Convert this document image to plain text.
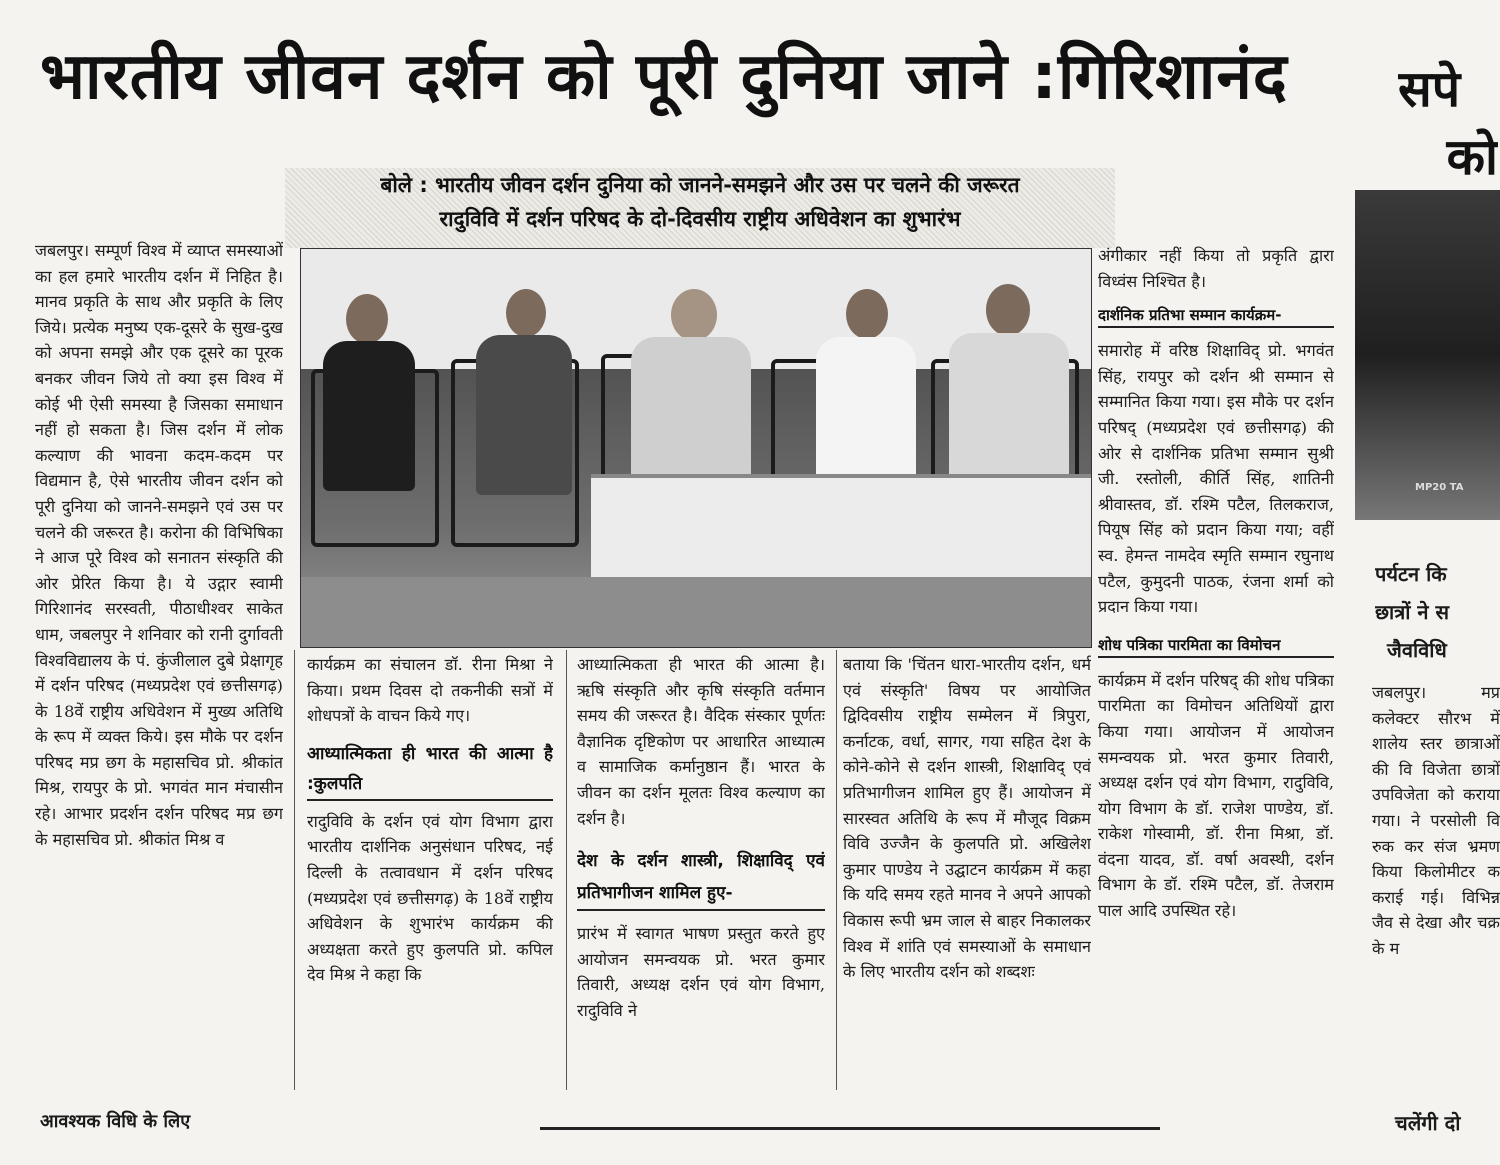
भारतीय जीवन दर्शन को पूरी दुनिया जाने :गिरिशानंद	सपे
को
बोले : भारतीय जीवन दर्शन दुनिया को जानने-समझने और उस पर चलने की जरूरत
रादुविवि में दर्शन परिषद के दो-दिवसीय राष्ट्रीय अधिवेशन का शुभारंभ
जबलपुर। सम्पूर्ण विश्व में व्याप्त समस्याओं का हल हमारे भारतीय दर्शन में निहित है। मानव प्रकृति के साथ और प्रकृति के लिए जिये। प्रत्येक मनुष्य एक-दूसरे के सुख-दुख को अपना समझे और एक दूसरे का पूरक बनकर जीवन जिये तो क्या इस विश्व में कोई भी ऐसी समस्या है जिसका समाधान नहीं हो सकता है। जिस दर्शन में लोक कल्याण की भावना कदम-कदम पर विद्यमान है, ऐसे भारतीय जीवन दर्शन को पूरी दुनिया को जानने-समझने एवं उस पर चलने की जरूरत है। करोना की विभिषिका ने आज पूरे विश्व को सनातन संस्कृति की ओर प्रेरित किया है। ये उद्गार स्वामी गिरिशानंद सरस्वती, पीठाधीश्वर साकेत धाम, जबलपुर ने शनिवार को रानी दुर्गावती विश्वविद्यालय के पं. कुंजीलाल दुबे प्रेक्षागृह में दर्शन परिषद (मध्यप्रदेश एवं छत्तीसगढ़) के 18वें राष्ट्रीय अधिवेशन में मुख्य अतिथि के रूप में व्यक्त किये। इस मौके पर दर्शन परिषद मप्र छग के महासचिव प्रो. श्रीकांत मिश्र, रायपुर के प्रो. भगवंत मान मंचासीन रहे। आभार प्रदर्शन दर्शन परिषद मप्र छग के महासचिव प्रो. श्रीकांत मिश्र व
कार्यक्रम का संचालन डॉ. रीना मिश्रा ने किया। प्रथम दिवस दो तकनीकी सत्रों में शोधपत्रों के वाचन किये गए।
आध्यात्मिकता ही भारत की आत्मा है :कुलपति
रादुविवि के दर्शन एवं योग विभाग द्वारा भारतीय दार्शनिक अनुसंधान परिषद, नई दिल्ली के तत्वावधान में दर्शन परिषद (मध्यप्रदेश एवं छत्तीसगढ़) के 18वें राष्ट्रीय अधिवेशन के शुभारंभ कार्यक्रम की अध्यक्षता करते हुए कुलपति प्रो. कपिल देव मिश्र ने कहा कि
आध्यात्मिकता ही भारत की आत्मा है। ऋषि संस्कृति और कृषि संस्कृति वर्तमान समय की जरूरत है। वैदिक संस्कार पूर्णतः वैज्ञानिक दृष्टिकोण पर आधारित आध्यात्म व सामाजिक कर्मानुष्ठान हैं। भारत के जीवन का दर्शन मूलतः विश्व कल्याण का दर्शन है।
देश के दर्शन शास्त्री, शिक्षाविद् एवं प्रतिभागीजन शामिल हुए-
प्रारंभ में स्वागत भाषण प्रस्तुत करते हुए आयोजन समन्वयक प्रो. भरत कुमार तिवारी, अध्यक्ष दर्शन एवं योग विभाग, रादुविवि ने
बताया कि 'चिंतन धारा-भारतीय दर्शन, धर्म एवं संस्कृति' विषय पर आयोजित द्विदिवसीय राष्ट्रीय सम्मेलन में त्रिपुरा, कर्नाटक, वर्धा, सागर, गया सहित देश के कोने-कोने से दर्शन शास्त्री, शिक्षाविद् एवं प्रतिभागीजन शामिल हुए हैं। आयोजन में सारस्वत अतिथि के रूप में मौजूद विक्रम विवि उज्जैन के कुलपति प्रो. अखिलेश कुमार पाण्डेय ने उद्घाटन कार्यक्रम में कहा कि यदि समय रहते मानव ने अपने आपको विकास रूपी भ्रम जाल से बाहर निकालकर विश्व में शांति एवं समस्याओं के समाधान के लिए भारतीय दर्शन को शब्दशः
अंगीकार नहीं किया तो प्रकृति द्वारा विध्वंस निश्चित है।
दार्शनिक प्रतिभा सम्मान कार्यक्रम-
समारोह में वरिष्ठ शिक्षाविद् प्रो. भगवंत सिंह, रायपुर को दर्शन श्री सम्मान से सम्मानित किया गया। इस मौके पर दर्शन परिषद् (मध्यप्रदेश एवं छत्तीसगढ़) की ओर से दार्शनिक प्रतिभा सम्मान सुश्री जी. रस्तोली, कीर्ति सिंह, शातिनी श्रीवास्तव, डॉ. रश्मि पटैल, तिलकराज, पियूष सिंह को प्रदान किया गया; वहीं स्व. हेमन्त नामदेव स्मृति सम्मान रघुनाथ पटैल, कुमुदनी पाठक, रंजना शर्मा को प्रदान किया गया।
शोध पत्रिका पारमिता का विमोचन
कार्यक्रम में दर्शन परिषद् की शोध पत्रिका पारमिता का विमोचन अतिथियों द्वारा किया गया। आयोजन में आयोजन समन्वयक प्रो. भरत कुमार तिवारी, अध्यक्ष दर्शन एवं योग विभाग, रादुविवि, योग विभाग के डॉ. राजेश पाण्डेय, डॉ. राकेश गोस्वामी, डॉ. रीना मिश्रा, डॉ. वंदना यादव, डॉ. वर्षा अवस्थी, दर्शन विभाग के डॉ. रश्मि पटैल, डॉ. तेजराम पाल आदि उपस्थित रहे।
MP20 TA
पर्यटन कि
छात्रों ने स
जैवविधि
जबलपुर। मप्र कलेक्टर सौरभ में शालेय स्तर छात्राओं की वि विजेता छात्रों उपविजेता को कराया गया। ने परसोली वि रुक कर संज भ्रमण किया किलोमीटर क कराई गई। विभिन्न जैव से देखा और चक्र के म
आवश्यक विधि के लिए	चलेंगी दो
